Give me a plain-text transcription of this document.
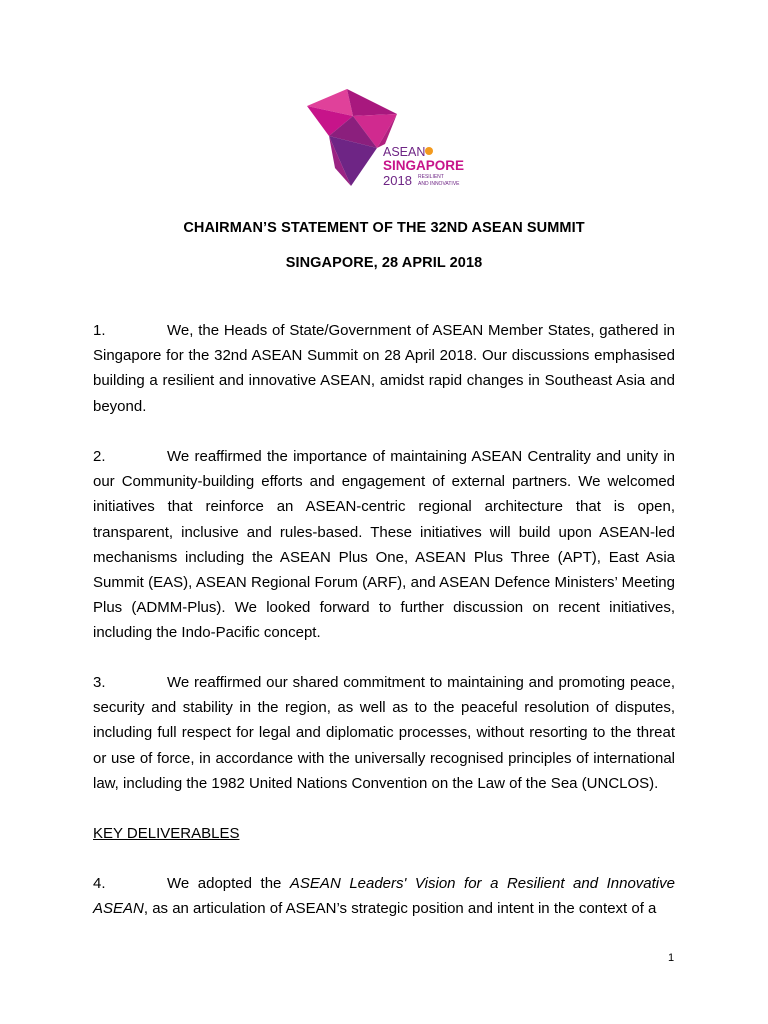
ASEAN
SINGAPORE
2018 RESILIENT
AND INNOVATIVE
CHAIRMAN’S STATEMENT OF THE 32ND ASEAN SUMMIT
SINGAPORE, 28 APRIL 2018
1.	We, the Heads of State/Government of ASEAN Member States, gathered in Singapore for the 32nd ASEAN Summit on 28 April 2018. Our discussions emphasised building a resilient and innovative ASEAN, amidst rapid changes in Southeast Asia and beyond.
2.	We reaffirmed the importance of maintaining ASEAN Centrality and unity in our Community-building efforts and engagement of external partners. We welcomed initiatives that reinforce an ASEAN-centric regional architecture that is open, transparent, inclusive and rules-based. These initiatives will build upon ASEAN-led mechanisms including the ASEAN Plus One, ASEAN Plus Three (APT), East Asia Summit (EAS), ASEAN Regional Forum (ARF), and ASEAN Defence Ministers’ Meeting Plus (ADMM-Plus). We looked forward to further discussion on recent initiatives, including the Indo-Pacific concept.
3.	We reaffirmed our shared commitment to maintaining and promoting peace, security and stability in the region, as well as to the peaceful resolution of disputes, including full respect for legal and diplomatic processes, without resorting to the threat or use of force, in accordance with the universally recognised principles of international law, including the 1982 United Nations Convention on the Law of the Sea (UNCLOS).
KEY DELIVERABLES
4.	We adopted the ASEAN Leaders' Vision for a Resilient and Innovative ASEAN, as an articulation of ASEAN’s strategic position and intent in the context of a
1
